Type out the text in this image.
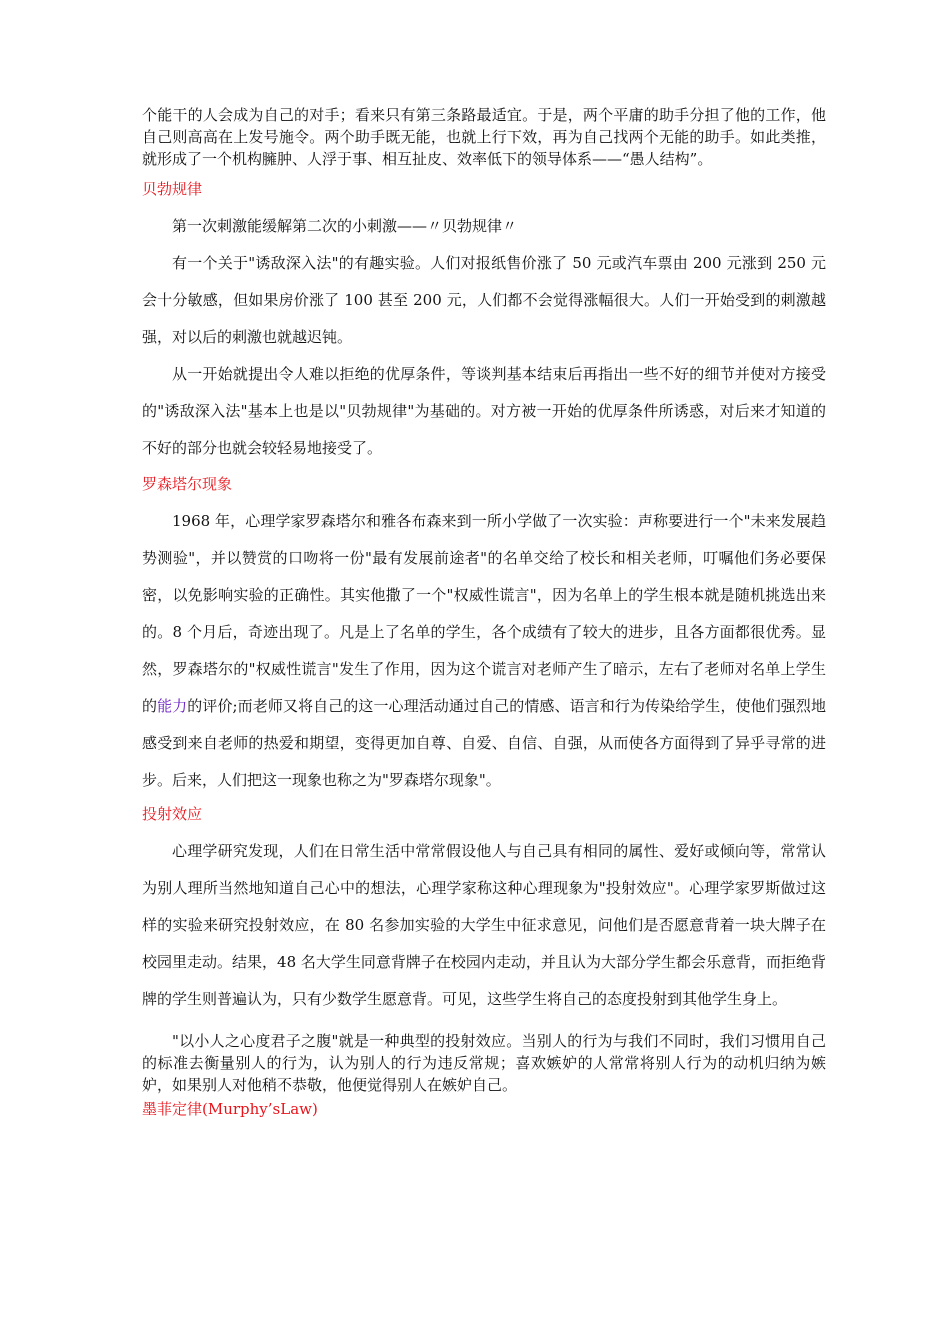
个能干的人会成为自己的对手；看来只有第三条路最适宜。于是，两个平庸的助手分担了他的工作，他自己则高高在上发号施令。两个助手既无能，也就上行下效，再为自己找两个无能的助手。如此类推，就形成了一个机构臃肿、人浮于事、相互扯皮、效率低下的领导体系——“愚人结构”。

贝勃规律

第一次刺激能缓解第二次的小刺激——〃贝勃规律〃

有一个关于"诱敌深入法"的有趣实验。人们对报纸售价涨了 50 元或汽车票由 200 元涨到 250 元会十分敏感，但如果房价涨了 100 甚至 200 元，人们都不会觉得涨幅很大。人们一开始受到的刺激越强，对以后的刺激也就越迟钝。

从一开始就提出令人难以拒绝的优厚条件，等谈判基本结束后再指出一些不好的细节并使对方接受的"诱敌深入法"基本上也是以"贝勃规律"为基础的。对方被一开始的优厚条件所诱惑，对后来才知道的不好的部分也就会较轻易地接受了。

罗森塔尔现象

1968 年，心理学家罗森塔尔和雅各布森来到一所小学做了一次实验：声称要进行一个"未来发展趋势测验"，并以赞赏的口吻将一份"最有发展前途者"的名单交给了校长和相关老师，叮嘱他们务必要保密，以免影响实验的正确性。其实他撒了一个"权威性谎言"，因为名单上的学生根本就是随机挑选出来的。8 个月后，奇迹出现了。凡是上了名单的学生，各个成绩有了较大的进步，且各方面都很优秀。显然，罗森塔尔的"权威性谎言"发生了作用，因为这个谎言对老师产生了暗示，左右了老师对名单上学生的能力的评价;而老师又将自己的这一心理活动通过自己的情感、语言和行为传染给学生，使他们强烈地感受到来自老师的热爱和期望，变得更加自尊、自爱、自信、自强，从而使各方面得到了异乎寻常的进步。后来，人们把这一现象也称之为"罗森塔尔现象"。

投射效应

心理学研究发现，人们在日常生活中常常假设他人与自己具有相同的属性、爱好或倾向等，常常认为别人理所当然地知道自己心中的想法，心理学家称这种心理现象为"投射效应"。心理学家罗斯做过这样的实验来研究投射效应，在 80 名参加实验的大学生中征求意见，问他们是否愿意背着一块大牌子在校园里走动。结果，48 名大学生同意背牌子在校园内走动，并且认为大部分学生都会乐意背，而拒绝背牌的学生则普遍认为，只有少数学生愿意背。可见，这些学生将自己的态度投射到其他学生身上。

"以小人之心度君子之腹"就是一种典型的投射效应。当别人的行为与我们不同时，我们习惯用自己的标准去衡量别人的行为，认为别人的行为违反常规；喜欢嫉妒的人常常将别人行为的动机归纳为嫉妒，如果别人对他稍不恭敬，他便觉得别人在嫉妒自己。

墨菲定律(Murphy’sLaw)
